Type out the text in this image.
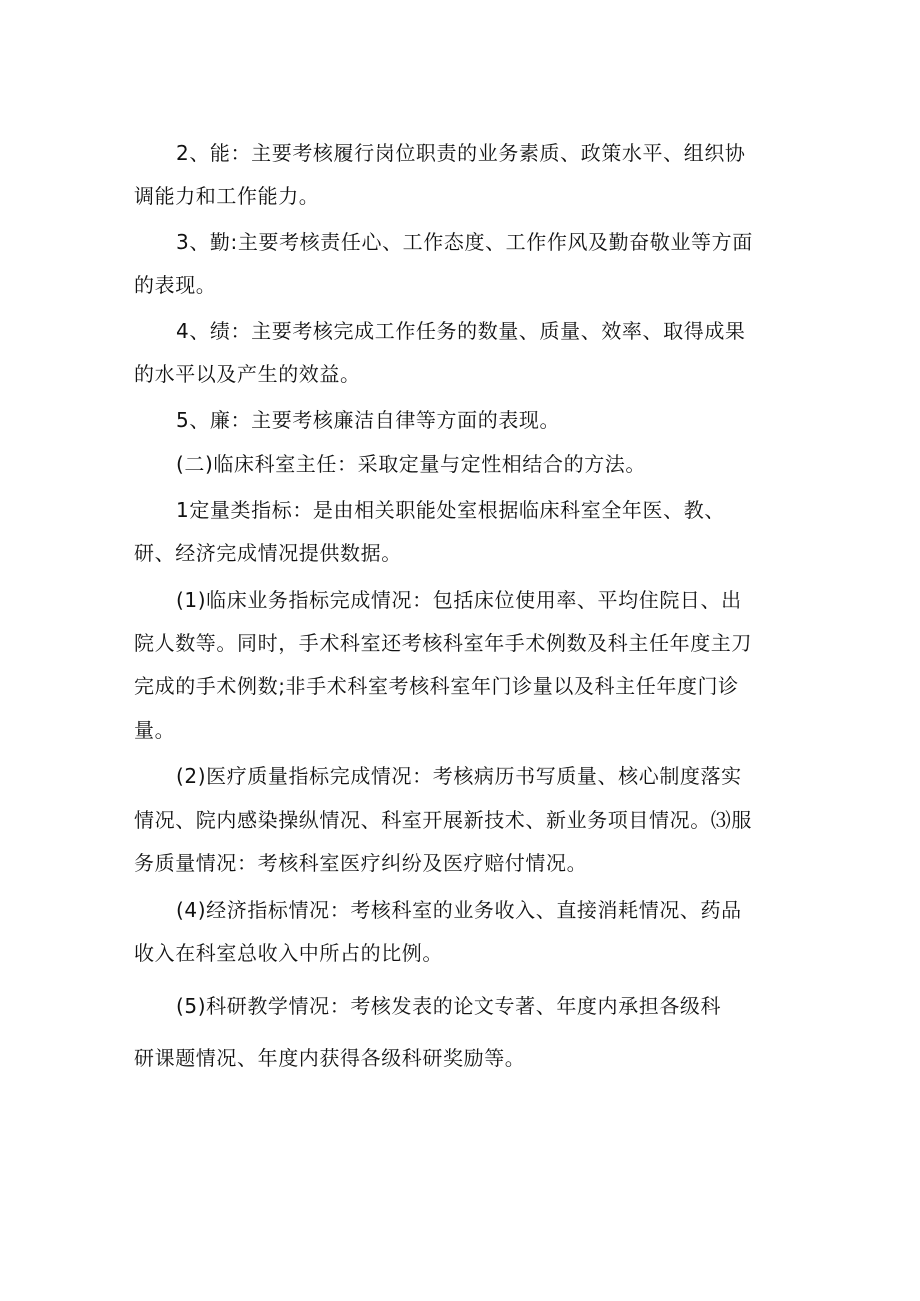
2、能：主要考核履行岗位职责的业务素质、政策水平、组织协
调能力和工作能力。
3、勤:主要考核责任心、工作态度、工作作风及勤奋敬业等方面
的表现。
4、绩：主要考核完成工作任务的数量、质量、效率、取得成果
的水平以及产生的效益。
5、廉：主要考核廉洁自律等方面的表现。
(二)临床科室主任：采取定量与定性相结合的方法。
1定量类指标：是由相关职能处室根据临床科室全年医、教、
研、经济完成情况提供数据。
(1)临床业务指标完成情况：包括床位使用率、平均住院日、出
院人数等。同时，手术科室还考核科室年手术例数及科主任年度主刀
完成的手术例数;非手术科室考核科室年门诊量以及科主任年度门诊
量。
(2)医疗质量指标完成情况：考核病历书写质量、核心制度落实
情况、院内感染操纵情况、科室开展新技术、新业务项目情况。⑶服
务质量情况：考核科室医疗纠纷及医疗赔付情况。
(4)经济指标情况：考核科室的业务收入、直接消耗情况、药品
收入在科室总收入中所占的比例。
(5)科研教学情况：考核发表的论文专著、年度内承担各级科
研课题情况、年度内获得各级科研奖励等。
